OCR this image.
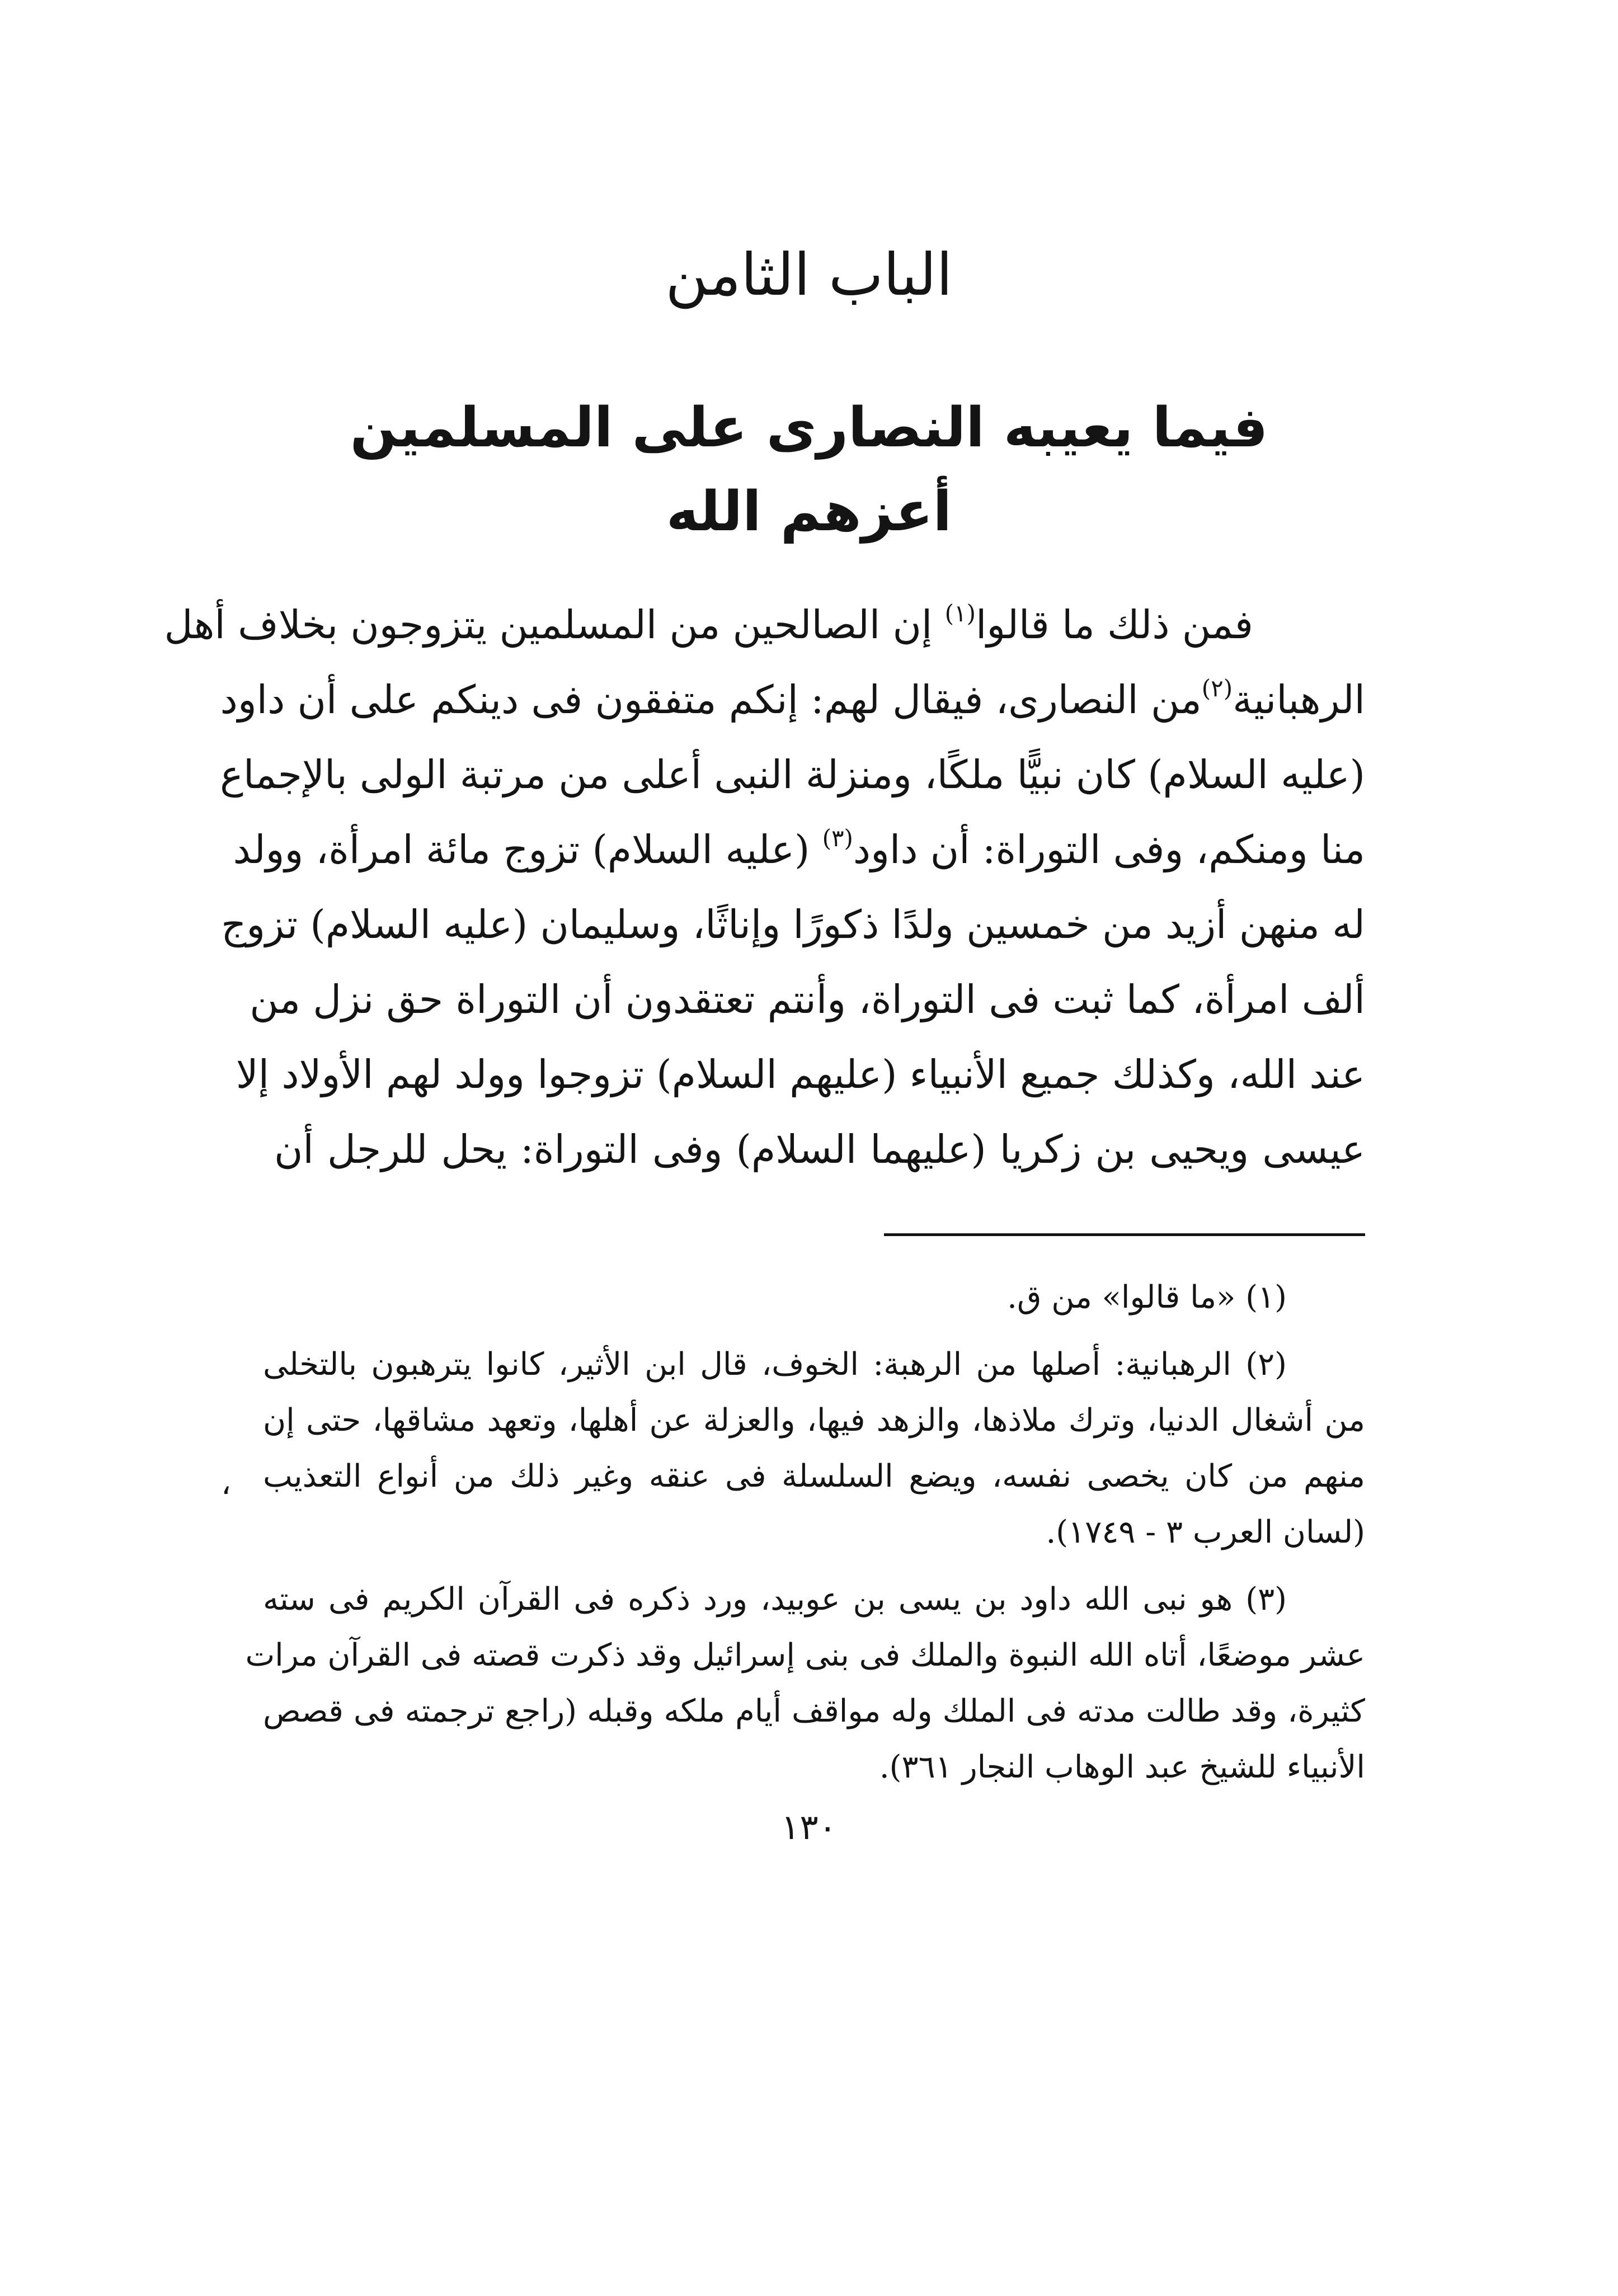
الباب الثامن
فيما يعيبه النصارى على المسلمين
أعزهم الله
فمن ذلك ما قالوا$^{(١)}$ إن الصالحين من المسلمين يتزوجون بخلاف أهل
الرهبانية$^{(٢)}$من النصارى، فيقال لهم: إنكم متفقون فى دينكم على أن داود
(عليه السلام) كان نبيًّا ملكًا، ومنزلة النبى أعلى من مرتبة الولى بالإجماع
منا ومنكم، وفى التوراة: أن داود$^{(٣)}$ (عليه السلام) تزوج مائة امرأة، وولد
له منهن أزيد من خمسين ولدًا ذكورًا وإناثًا، وسليمان (عليه السلام) تزوج
ألف امرأة، كما ثبت فى التوراة، وأنتم تعتقدون أن التوراة حق نزل من
عند الله، وكذلك جميع الأنبياء (عليهم السلام) تزوجوا وولد لهم الأولاد إلا
عيسى ويحيى بن زكريا (عليهما السلام) وفى التوراة: يحل للرجل أن
(١) «ما قالوا» من ق.
(٢) الرهبانية: أصلها من الرهبة: الخوف، قال ابن الأثير، كانوا يترهبون بالتخلى
من أشغال الدنيا، وترك ملاذها، والزهد فيها، والعزلة عن أهلها، وتعهد مشاقها، حتى إن
منهم من كان يخصى نفسه، ويضع السلسلة فى عنقه وغير ذلك من أنواع التعذيب
(لسان العرب ٣ - ١٧٤٩).
(٣) هو نبى الله داود بن يسى بن عوبيد، ورد ذكره فى القرآن الكريم فى سته
عشر موضعًا، أتاه الله النبوة والملك فى بنى إسرائيل وقد ذكرت قصته فى القرآن مرات
كثيرة، وقد طالت مدته فى الملك وله مواقف أيام ملكه وقبله (راجع ترجمته فى قصص
الأنبياء للشيخ عبد الوهاب النجار ٣٦١).
،
١٣٠
